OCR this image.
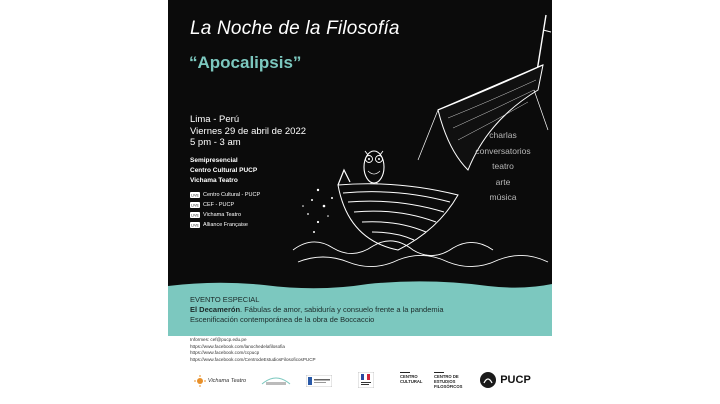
La Noche de la Filosofía
“Apocalipsis”
Lima - Perú
Viernes 29 de abril de 2022
5 pm - 3 am
Semipresencial
Centro Cultural PUCP
Vichama Teatro
LIVE Centro Cultural - PUCP
LIVE CEF - PUCP
LIVE Vichama Teatro
LIVE Alliance Française
charlas
conversatorios
teatro
arte
música
EVENTO ESPECIAL
El Decamerón. Fábulas de amor, sabiduría y consuelo frente a la pandemia
Escenificación contemporánea de la obra de Boccaccio
Informes: cef@pucp.edu.pe
https://www.facebook.com/lanochedelafilosofia
https://www.facebook.com/ccpucp
https://www.facebook.com/CentrodeEstudiosFilosoficosPUCP
Vichama Teatro
CENTRO CULTURAL
CENTRO DE ESTUDIOS FILOSÓFICOS
PUCP
